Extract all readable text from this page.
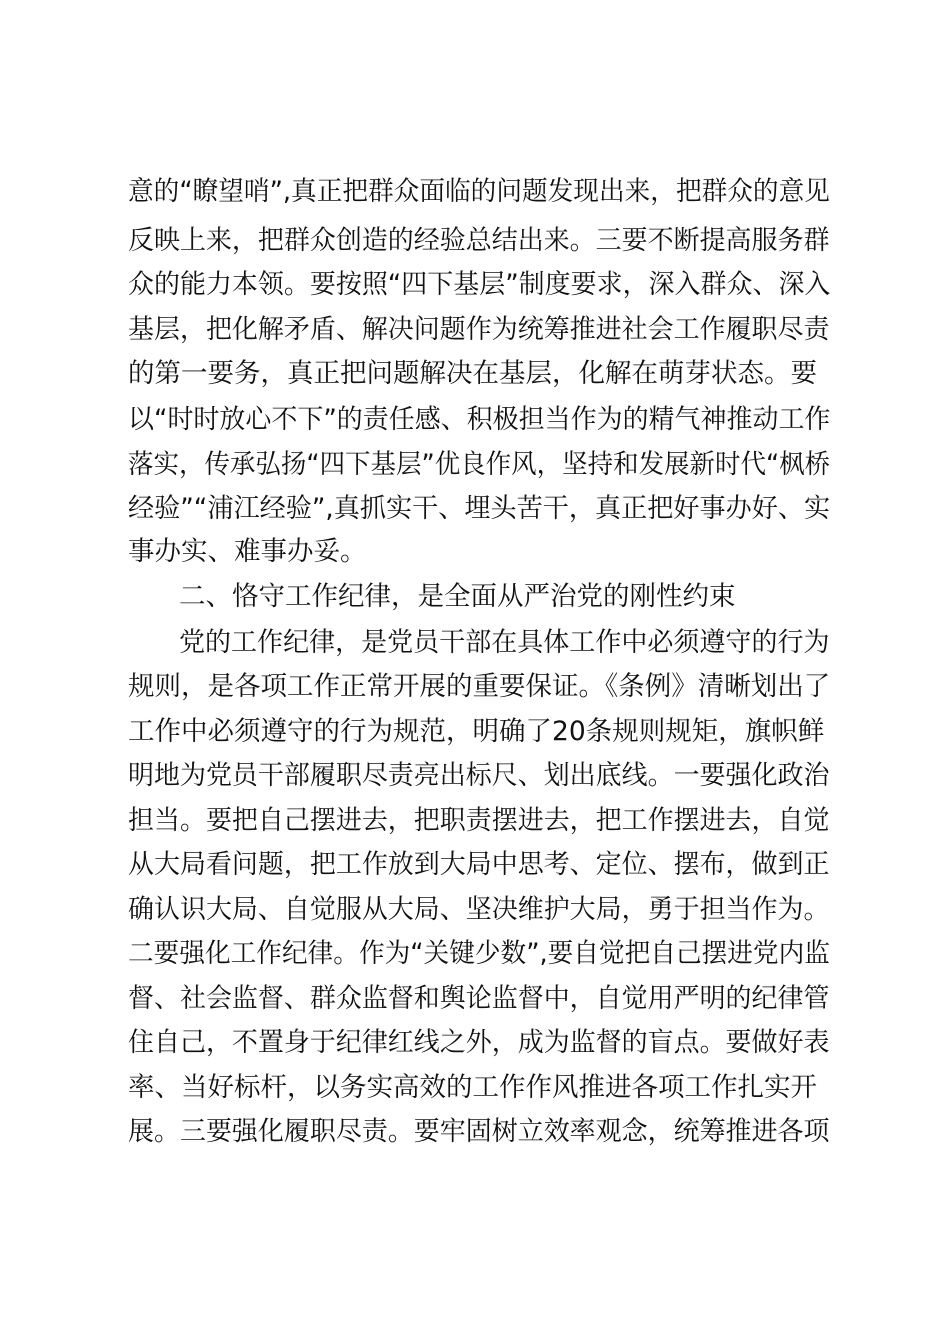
意的“瞭望哨”,真正把群众面临的问题发现出来，把群众的意见
反映上来，把群众创造的经验总结出来。三要不断提高服务群
众的能力本领。要按照“四下基层”制度要求，深入群众、深入
基层，把化解矛盾、解决问题作为统筹推进社会工作履职尽责
的第一要务，真正把问题解决在基层，化解在萌芽状态。要
以“时时放心不下”的责任感、积极担当作为的精气神推动工作
落实，传承弘扬“四下基层”优良作风，坚持和发展新时代“枫桥
经验”“浦江经验”,真抓实干、埋头苦干，真正把好事办好、实
事办实、难事办妥。
二、恪守工作纪律，是全面从严治党的刚性约束
党的工作纪律，是党员干部在具体工作中必须遵守的行为
规则，是各项工作正常开展的重要保证。《条例》清晰划出了
工作中必须遵守的行为规范，明确了20条规则规矩，旗帜鲜
明地为党员干部履职尽责亮出标尺、划出底线。一要强化政治
担当。要把自己摆进去，把职责摆进去，把工作摆进去，自觉
从大局看问题，把工作放到大局中思考、定位、摆布，做到正
确认识大局、自觉服从大局、坚决维护大局，勇于担当作为。
二要强化工作纪律。作为“关键少数”,要自觉把自己摆进党内监
督、社会监督、群众监督和舆论监督中，自觉用严明的纪律管
住自己，不置身于纪律红线之外，成为监督的盲点。要做好表
率、当好标杆，以务实高效的工作作风推进各项工作扎实开
展。三要强化履职尽责。要牢固树立效率观念，统筹推进各项
